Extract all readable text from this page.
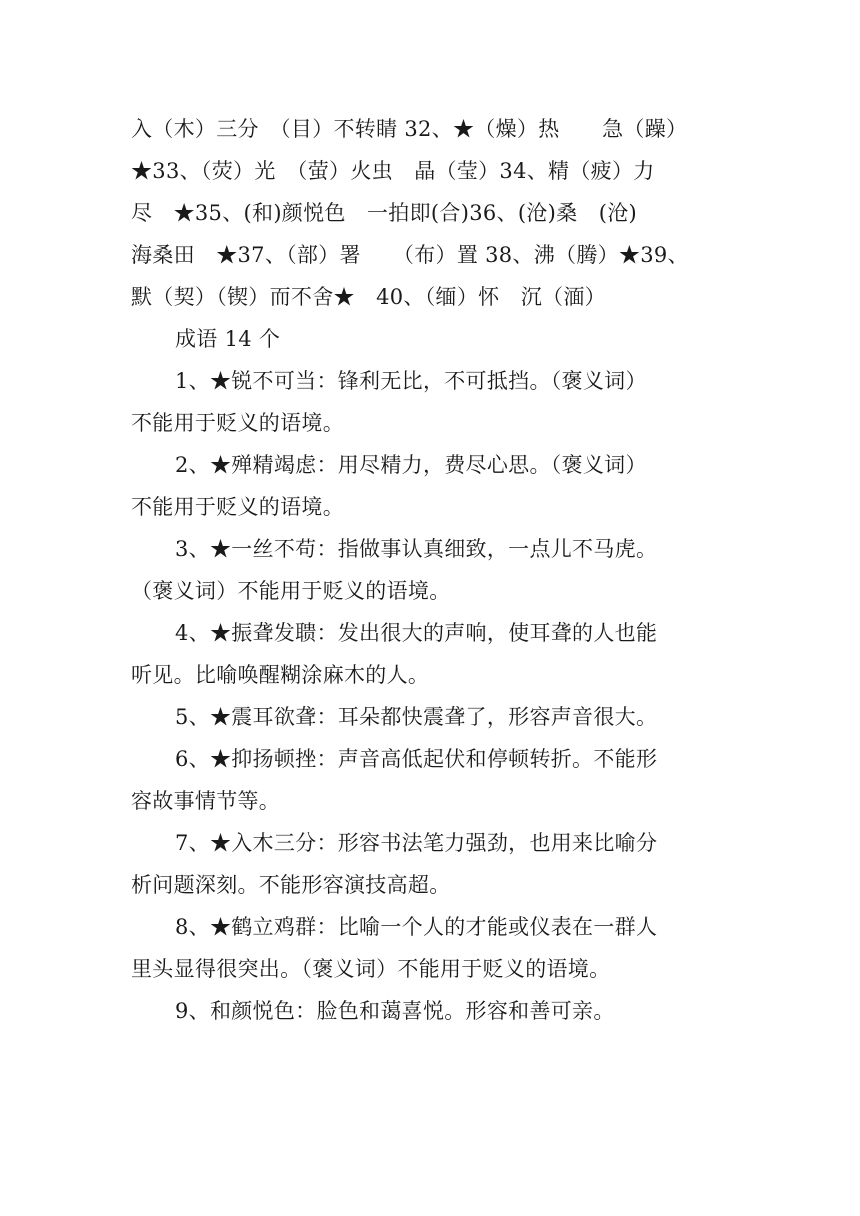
入（木）三分　（目）不转睛 32、★（燥）热　　急（躁）
★33、（荧）光　（萤）火虫　晶（莹）34、精（疲）力
尽　★35、(和)颜悦色　一拍即(合)36、(沧)桑　(沧)
海桑田　★37、（部）署　　（布）置 38、沸（腾）★39、
默（契）（锲）而不舍★　40、（缅）怀　沉（湎）
成语 14 个
1、★锐不可当：锋利无比，不可抵挡。（褒义词）
不能用于贬义的语境。
2、★殚精竭虑：用尽精力，费尽心思。（褒义词）
不能用于贬义的语境。
3、★一丝不苟：指做事认真细致，一点儿不马虎。
（褒义词）不能用于贬义的语境。
4、★振聋发聩：发出很大的声响，使耳聋的人也能
听见。比喻唤醒糊涂麻木的人。
5、★震耳欲聋：耳朵都快震聋了，形容声音很大。
6、★抑扬顿挫：声音高低起伏和停顿转折。不能形
容故事情节等。
7、★入木三分：形容书法笔力强劲，也用来比喻分
析问题深刻。不能形容演技高超。
8、★鹤立鸡群：比喻一个人的才能或仪表在一群人
里头显得很突出。（褒义词）不能用于贬义的语境。
9、和颜悦色：脸色和蔼喜悦。形容和善可亲。
